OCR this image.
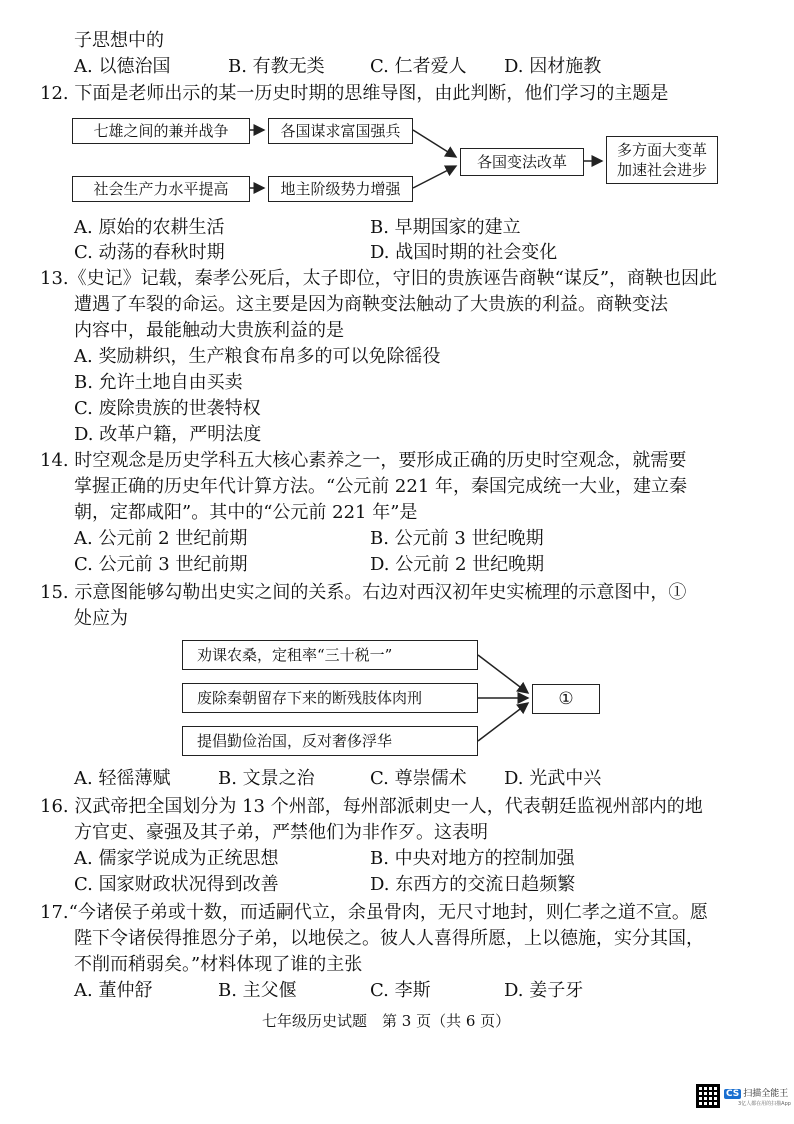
子思想中的
A. 以德治国	B. 有教无类	C. 仁者爱人 D. 因材施教
12. 下面是老师出示的某一历史时期的思维导图，由此判断，他们学习的主题是
七雄之间的兼并战争	各国谋求富国强兵
社会生产力水平提高	地主阶级势力增强
各国变法改革
多方面大变革
加速社会进步
A. 原始的农耕生活	B. 早期国家的建立
C. 动荡的春秋时期	D. 战国时期的社会变化
13.《史记》记载，秦孝公死后，太子即位，守旧的贵族诬告商鞅“谋反”，商鞅也因此
遭遇了车裂的命运。这主要是因为商鞅变法触动了大贵族的利益。商鞅变法
内容中，最能触动大贵族利益的是
A. 奖励耕织，生产粮食布帛多的可以免除徭役
B. 允许土地自由买卖
C. 废除贵族的世袭特权
D. 改革户籍，严明法度
14. 时空观念是历史学科五大核心素养之一，要形成正确的历史时空观念，就需要
掌握正确的历史年代计算方法。“公元前 221 年，秦国完成统一大业，建立秦
朝，定都咸阳”。其中的“公元前 221 年”是
A. 公元前 2 世纪前期	B. 公元前 3 世纪晚期
C. 公元前 3 世纪前期	D. 公元前 2 世纪晚期
15. 示意图能够勾勒出史实之间的关系。右边对西汉初年史实梳理的示意图中，①
处应为
劝课农桑，定租率“三十税一”
废除秦朝留存下来的断残肢体肉刑
提倡勤俭治国，反对奢侈浮华
①
A. 轻徭薄赋	B. 文景之治	C. 尊崇儒术 D. 光武中兴
16. 汉武帝把全国划分为 13 个州部，每州部派刺史一人，代表朝廷监视州部内的地
方官吏、豪强及其子弟，严禁他们为非作歹。这表明
A. 儒家学说成为正统思想	B. 中央对地方的控制加强
C. 国家财政状况得到改善	D. 东西方的交流日趋频繁
17.“今诸侯子弟或十数，而适嗣代立，余虽骨肉，无尺寸地封，则仁孝之道不宣。愿
陛下令诸侯得推恩分子弟，以地侯之。彼人人喜得所愿，上以德施，实分其国，
不削而稍弱矣。”材料体现了谁的主张
A. 董仲舒	B. 主父偃	C. 李斯	D. 姜子牙
七年级历史试题　第 3 页（共 6 页）
CS 扫描全能王
3亿人都在用的扫描App
